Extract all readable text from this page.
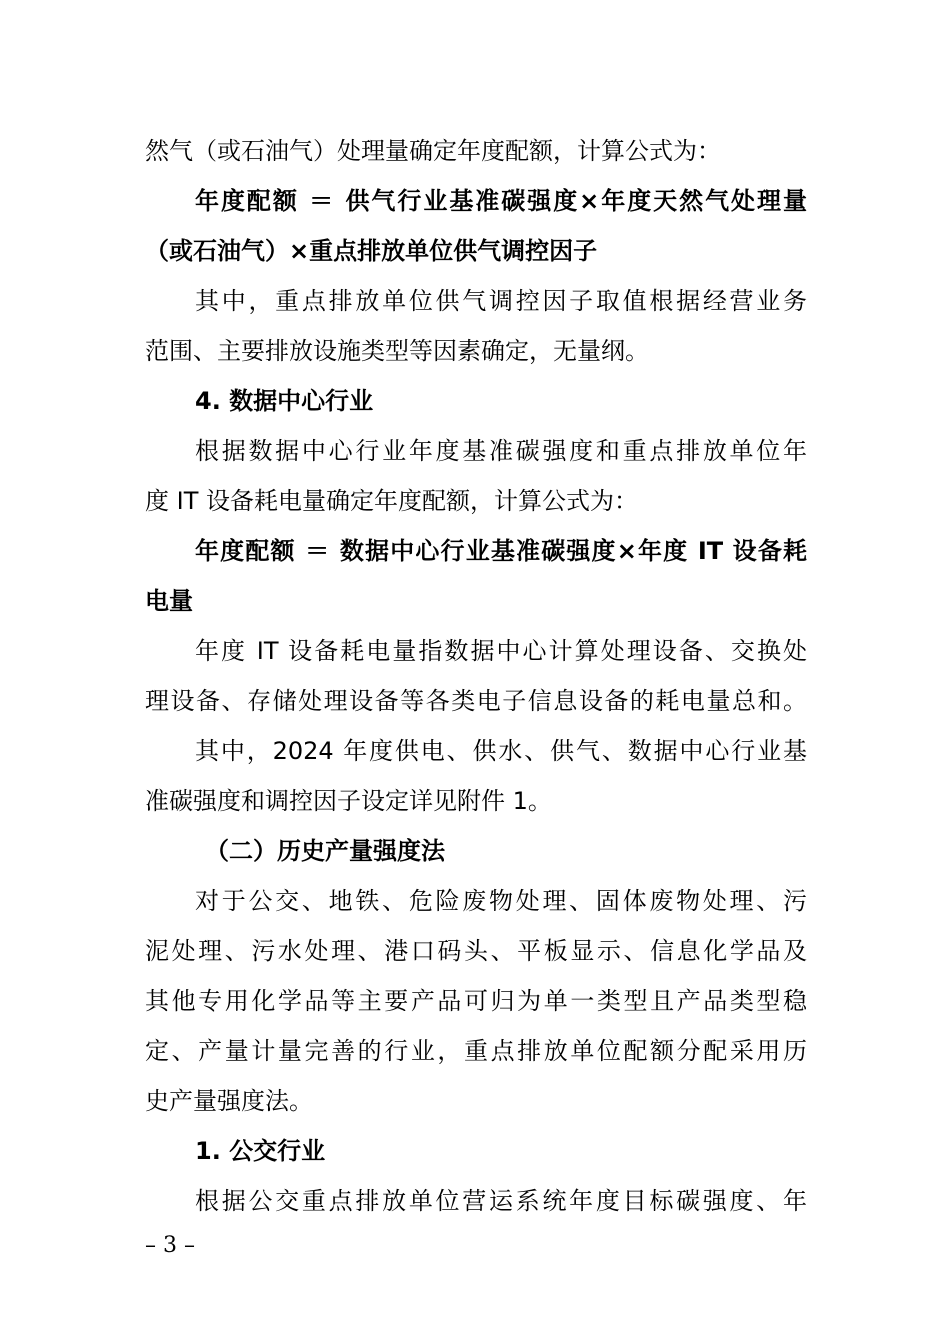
然气（或石油气）处理量确定年度配额，计算公式为：
年度配额 ＝ 供气行业基准碳强度×年度天然气处理量
（或石油气）×重点排放单位供气调控因子
其中，重点排放单位供气调控因子取值根据经营业务
范围、主要排放设施类型等因素确定，无量纲。
4. 数据中心行业
根据数据中心行业年度基准碳强度和重点排放单位年
度 IT 设备耗电量确定年度配额，计算公式为：
年度配额 ＝ 数据中心行业基准碳强度×年度 IT 设备耗
电量
年度 IT 设备耗电量指数据中心计算处理设备、交换处
理设备、存储处理设备等各类电子信息设备的耗电量总和。
其中，2024 年度供电、供水、供气、数据中心行业基
准碳强度和调控因子设定详见附件 1。
（二）历史产量强度法
对于公交、地铁、危险废物处理、固体废物处理、污
泥处理、污水处理、港口码头、平板显示、信息化学品及
其他专用化学品等主要产品可归为单一类型且产品类型稳
定、产量计量完善的行业，重点排放单位配额分配采用历
史产量强度法。
1. 公交行业
根据公交重点排放单位营运系统年度目标碳强度、年
– 3 –
